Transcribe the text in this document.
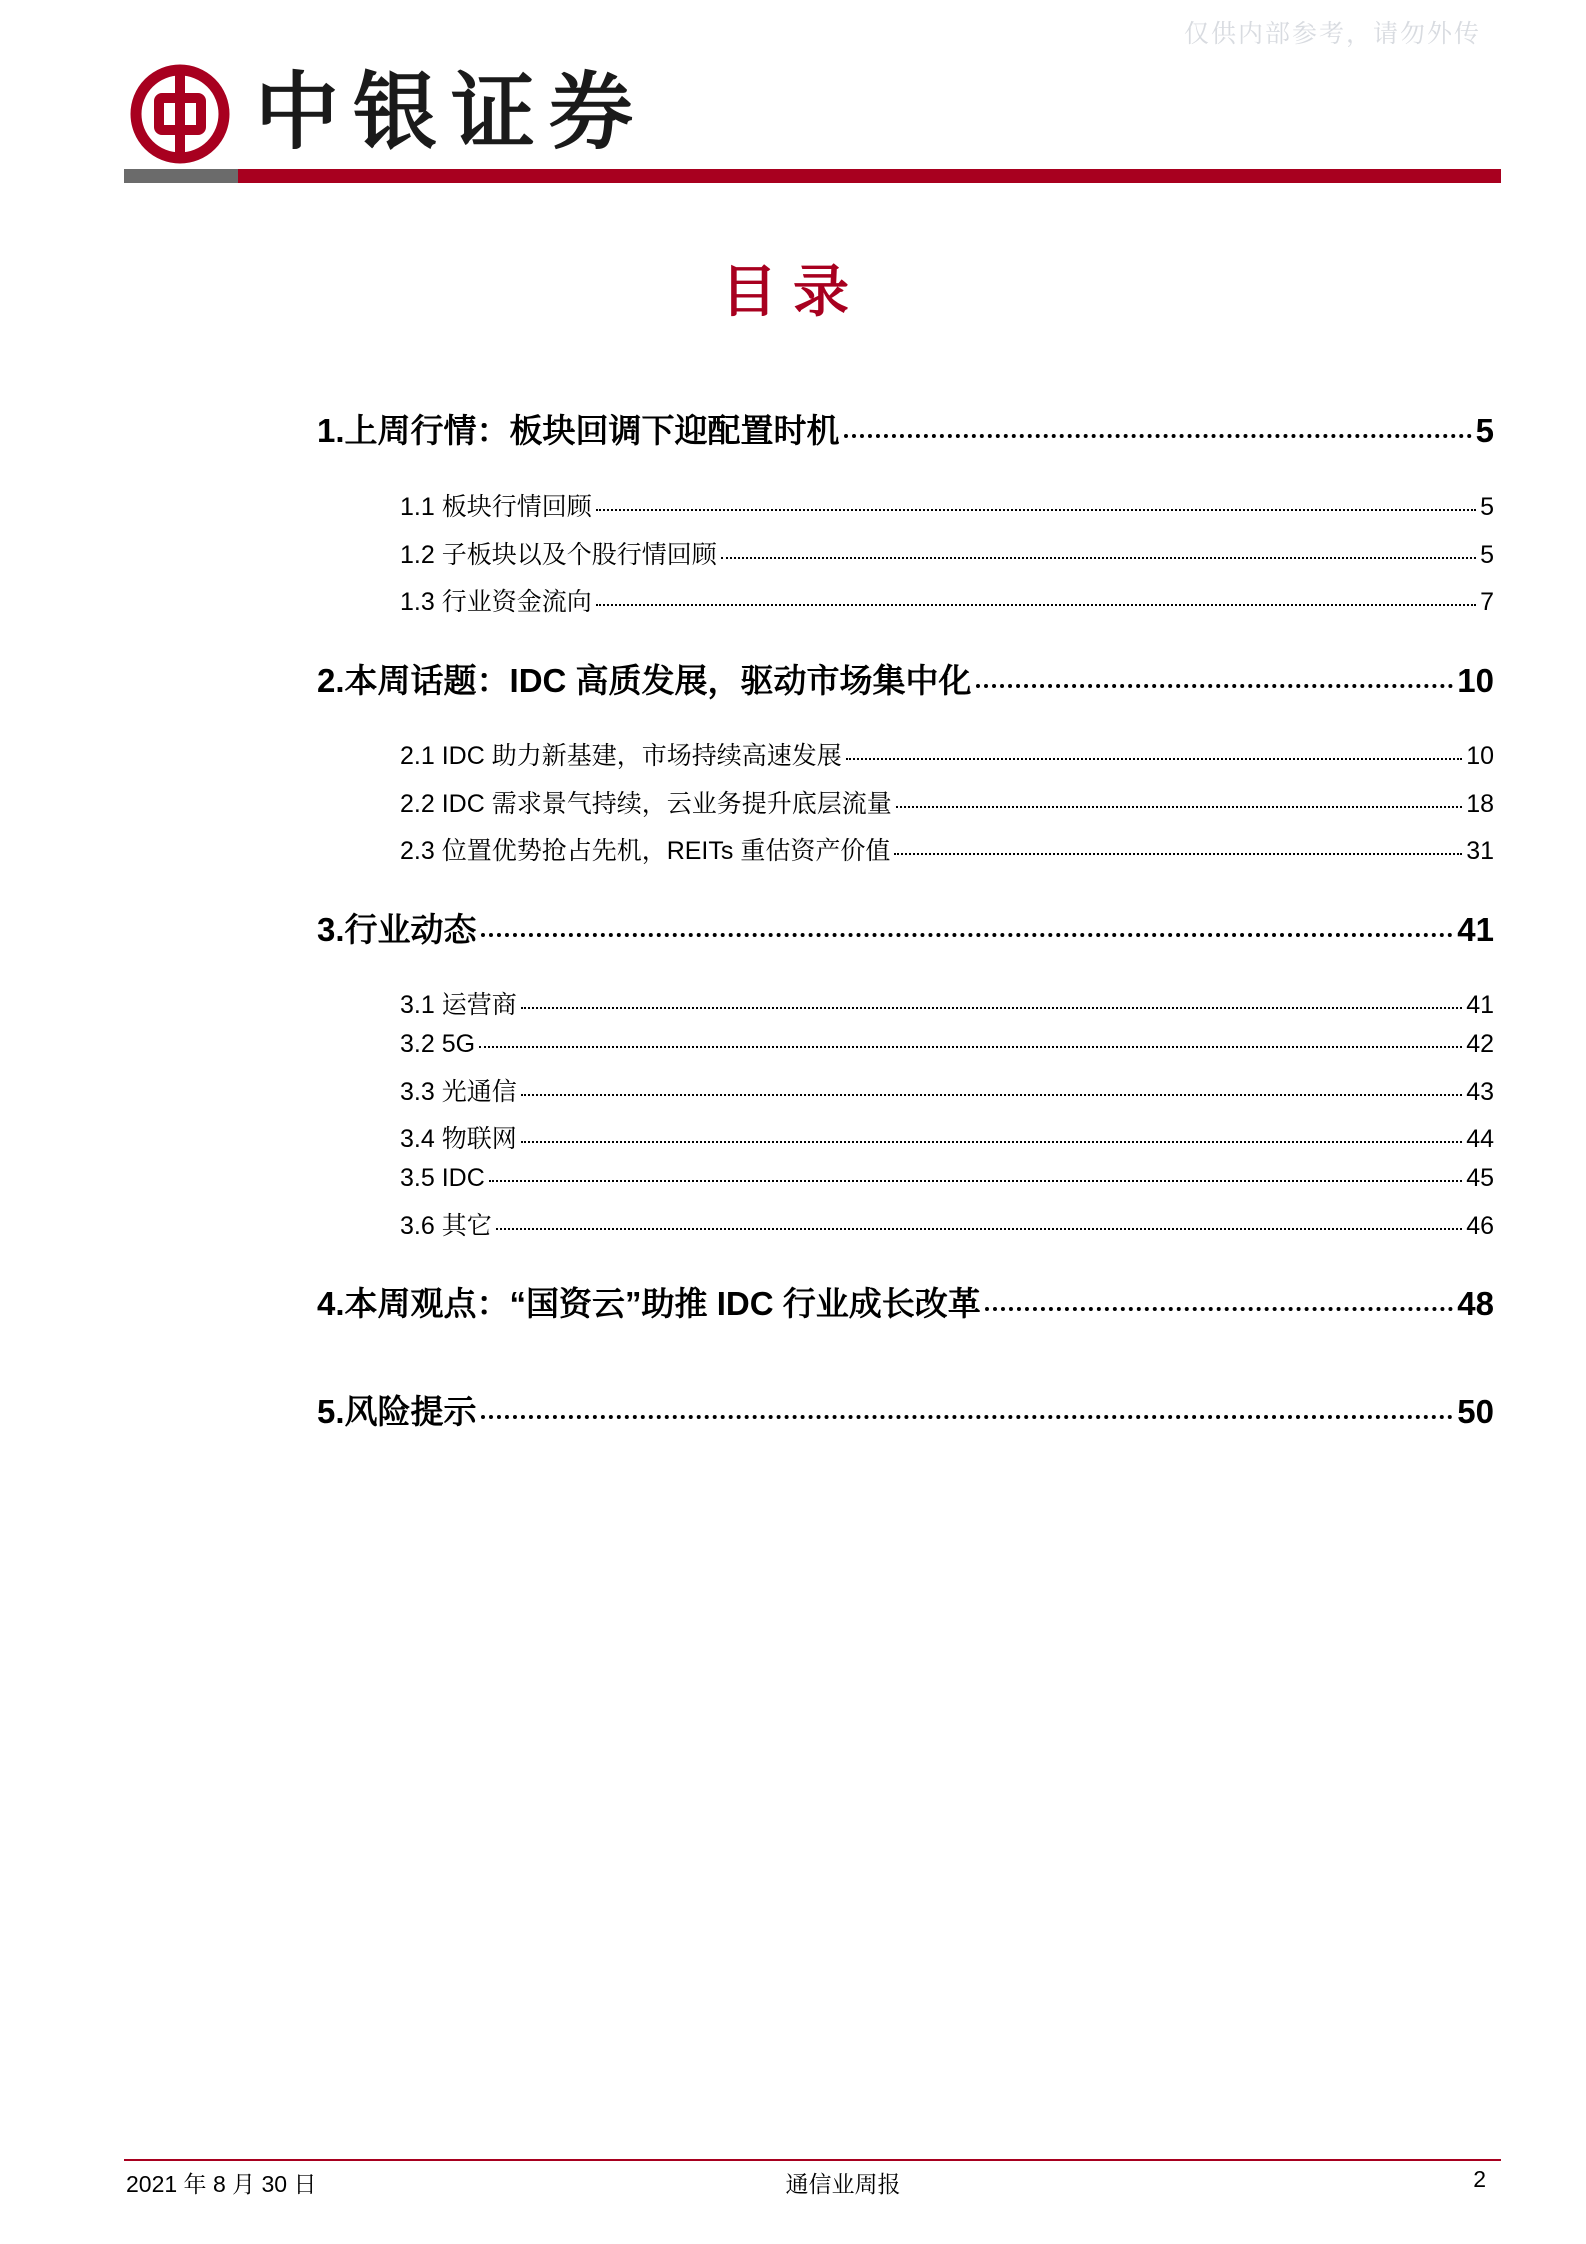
仅供内部参考，请勿外传
中银证券
目录
1.上周行情：板块回调下迎配置时机	5
1.1 板块行情回顾	5
1.2 子板块以及个股行情回顾	5
1.3 行业资金流向	7
2.本周话题：IDC 高质发展，驱动市场集中化	10
2.1 IDC 助力新基建，市场持续高速发展	10
2.2 IDC 需求景气持续，云业务提升底层流量	18
2.3 位置优势抢占先机，REITs 重估资产价值	31
3.行业动态	41
3.1 运营商	41
3.2 5G	42
3.3 光通信	43
3.4 物联网	44
3.5 IDC	45
3.6 其它	46
4.本周观点：“国资云”助推 IDC 行业成长改革	48
5.风险提示	50
2021 年 8 月 30 日	通信业周报	2
